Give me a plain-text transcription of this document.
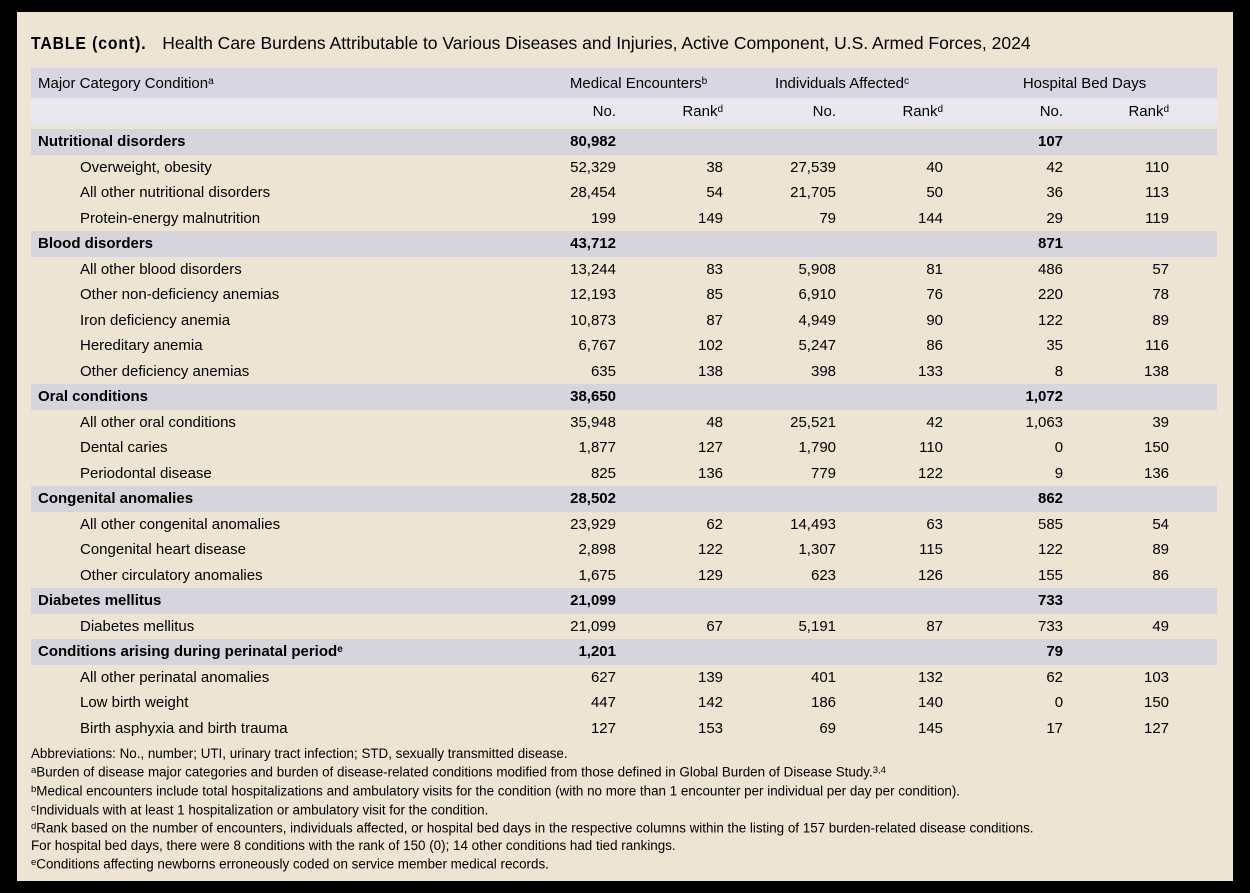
TABLE (cont). Health Care Burdens Attributable to Various Diseases and Injuries, Active Component, U.S. Armed Forces, 2024
Major Category Condition$^a$	Medical Encounters$^b$		Individuals Affected$^c$		Hospital Bed Days	
	No.	Rank$^d$	No.	Rank$^d$	No.	Rank$^d$

Nutritional disorders	80,982				107	
Overweight, obesity	52,329	38	27,539	40	42	110
All other nutritional disorders	28,454	54	21,705	50	36	113
Protein-energy malnutrition	199	149	79	144	29	119
Blood disorders	43,712				871	
All other blood disorders	13,244	83	5,908	81	486	57
Other non-deficiency anemias	12,193	85	6,910	76	220	78
Iron deficiency anemia	10,873	87	4,949	90	122	89
Hereditary anemia	6,767	102	5,247	86	35	116
Other deficiency anemias	635	138	398	133	8	138
Oral conditions	38,650				1,072	
All other oral conditions	35,948	48	25,521	42	1,063	39
Dental caries	1,877	127	1,790	110	0	150
Periodontal disease	825	136	779	122	9	136
Congenital anomalies	28,502				862	
All other congenital anomalies	23,929	62	14,493	63	585	54
Congenital heart disease	2,898	122	1,307	115	122	89
Other circulatory anomalies	1,675	129	623	126	155	86
Diabetes mellitus	21,099				733	
Diabetes mellitus	21,099	67	5,191	87	733	49
Conditions arising during perinatal period$^e$	1,201				79	
All other perinatal anomalies	627	139	401	132	62	103
Low birth weight	447	142	186	140	0	150
Birth asphyxia and birth trauma	127	153	69	145	17	127
Abbreviations: No., number; UTI, urinary tract infection; STD, sexually transmitted disease.
$^a$Burden of disease major categories and burden of disease-related conditions modified from those defined in Global Burden of Disease Study.$^{3,4}$
$^b$Medical encounters include total hospitalizations and ambulatory visits for the condition (with no more than 1 encounter per individual per day per condition).
$^c$Individuals with at least 1 hospitalization or ambulatory visit for the condition.
$^d$Rank based on the number of encounters, individuals affected, or hospital bed days in the respective columns within the listing of 157 burden-related disease conditions.
For hospital bed days, there were 8 conditions with the rank of 150 (0); 14 other conditions had tied rankings.
$^e$Conditions affecting newborns erroneously coded on service member medical records.
